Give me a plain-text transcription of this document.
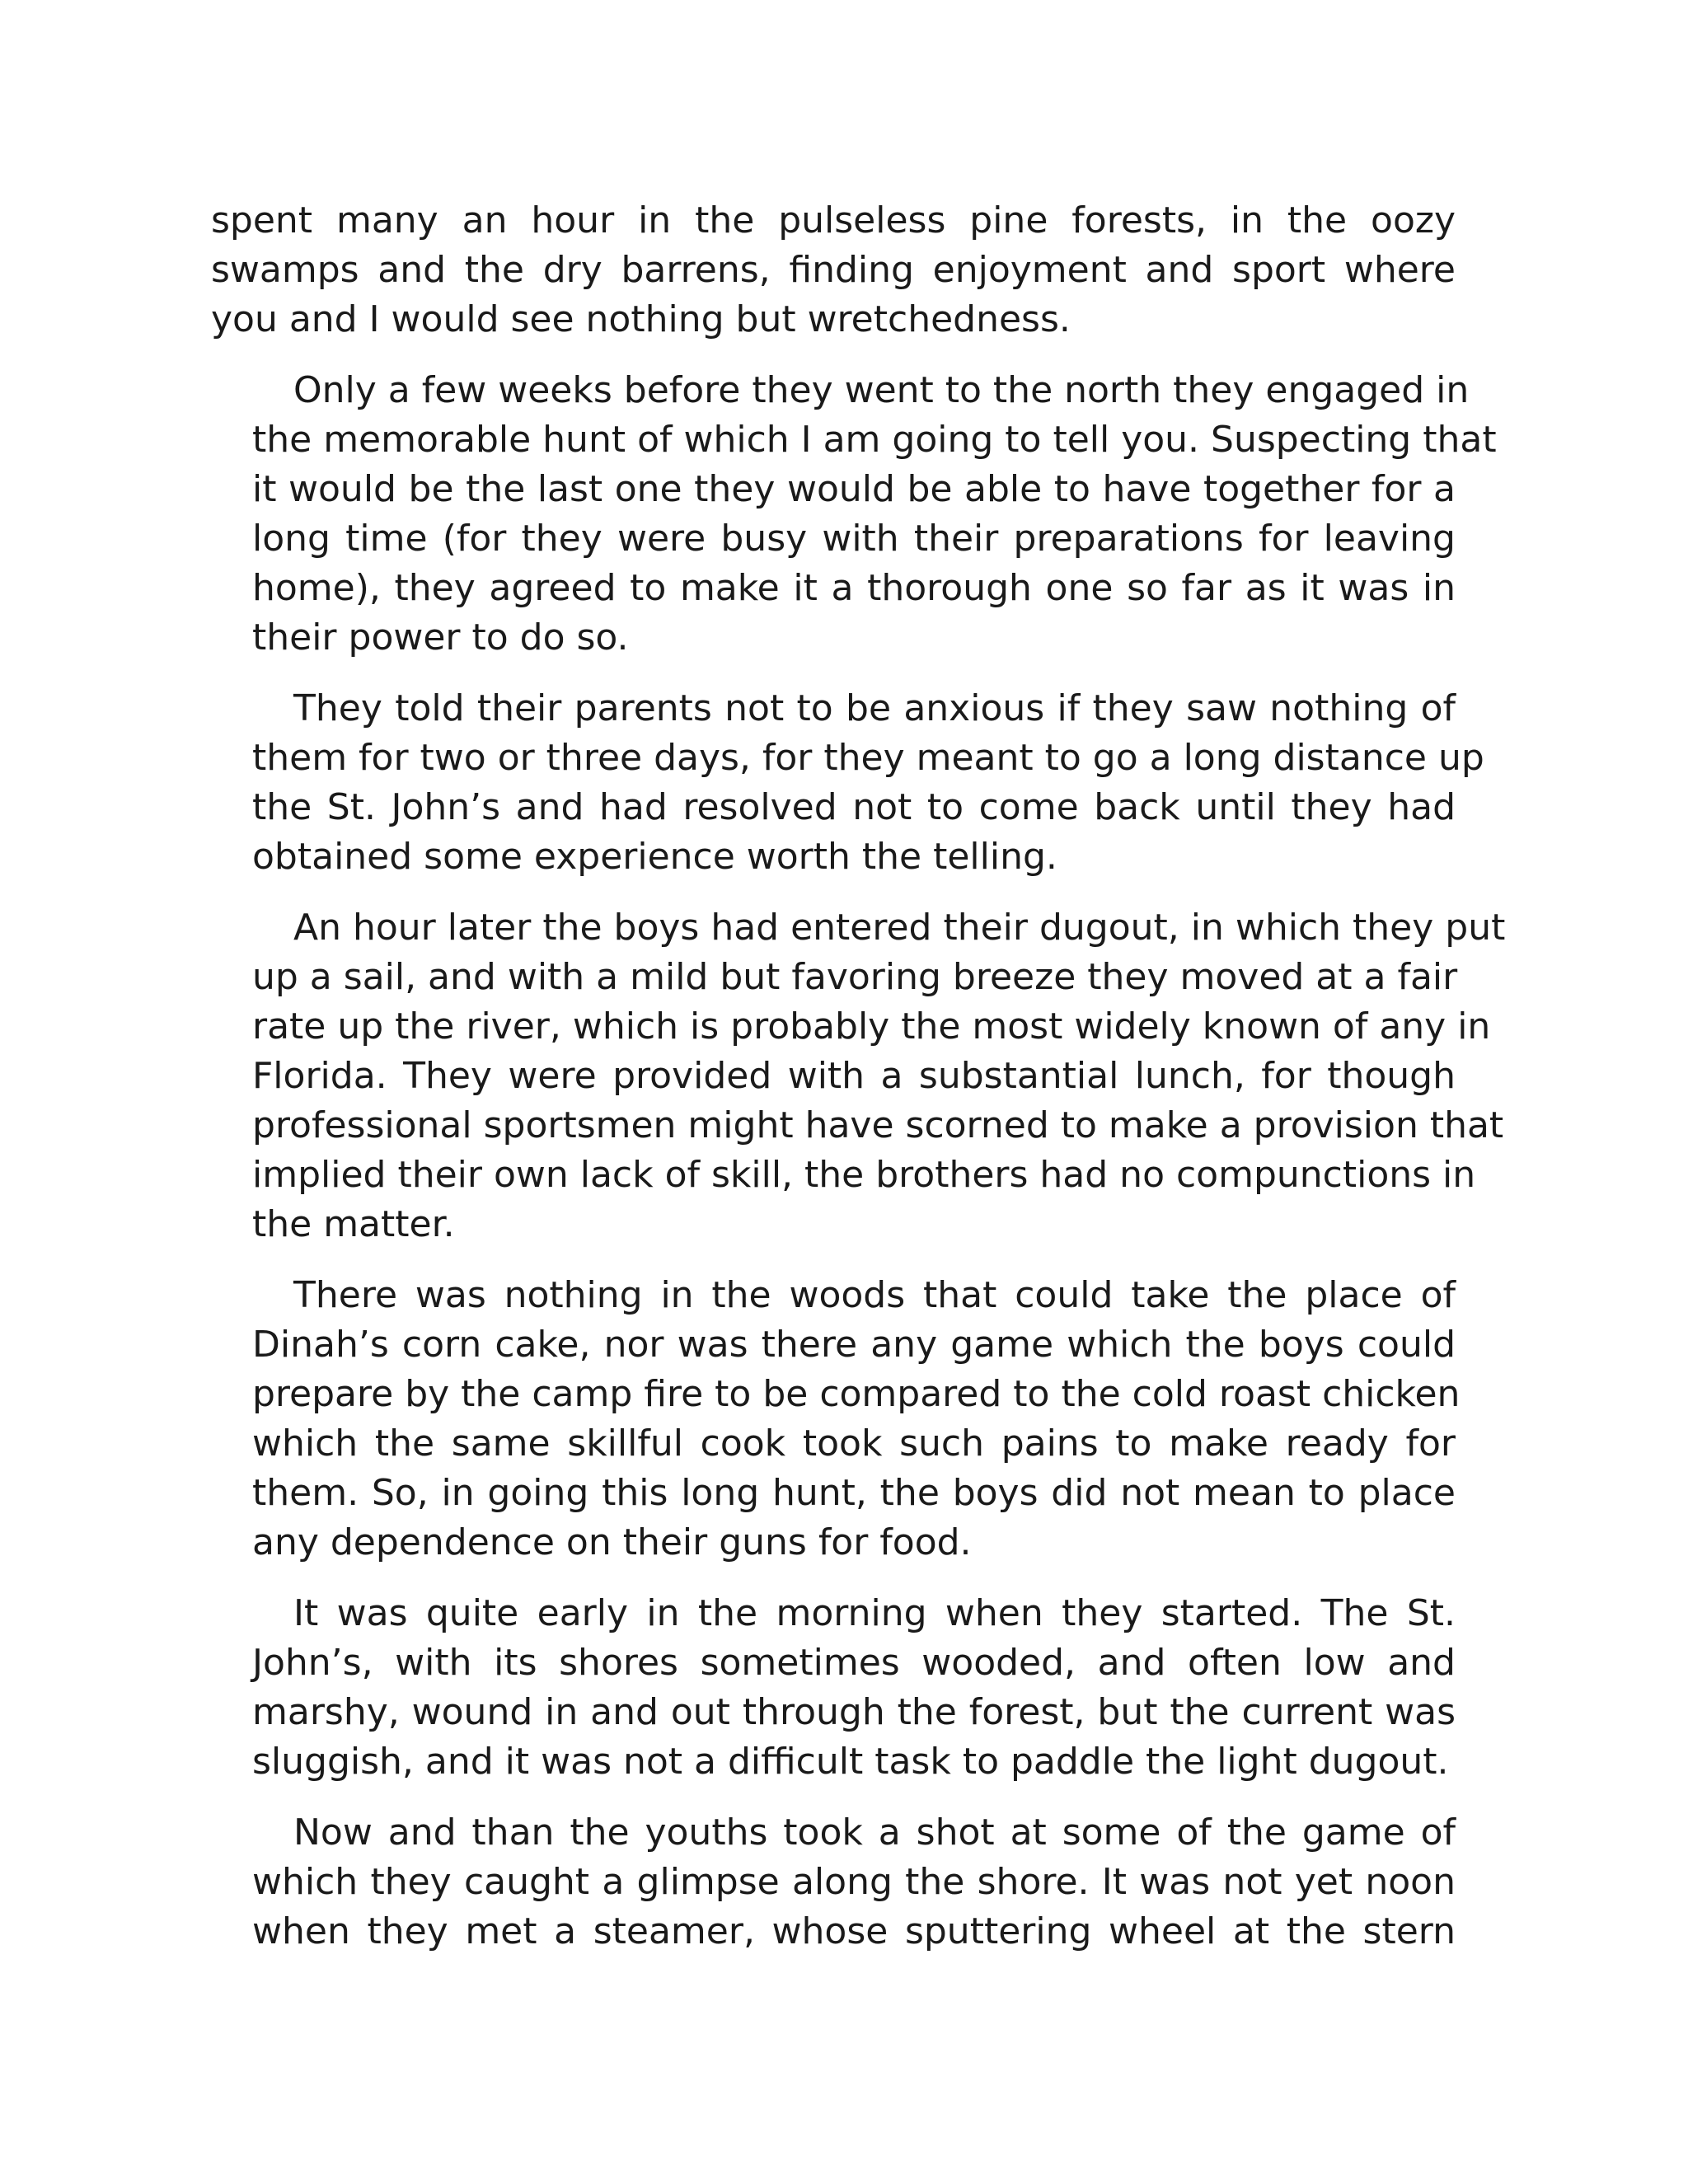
spent many an hour in the pulseless pine forests, in the oozy
swamps and the dry barrens, finding enjoyment and sport where
you and I would see nothing but wretchedness.
Only a few weeks before they went to the north they engaged in
the memorable hunt of which I am going to tell you. Suspecting that
it would be the last one they would be able to have together for a
long time (for they were busy with their preparations for leaving
home), they agreed to make it a thorough one so far as it was in
their power to do so.
They told their parents not to be anxious if they saw nothing of
them for two or three days, for they meant to go a long distance up
the St. John’s and had resolved not to come back until they had
obtained some experience worth the telling.
An hour later the boys had entered their dugout, in which they put
up a sail, and with a mild but favoring breeze they moved at a fair
rate up the river, which is probably the most widely known of any in
Florida. They were provided with a substantial lunch, for though
professional sportsmen might have scorned to make a provision that
implied their own lack of skill, the brothers had no compunctions in
the matter.
There was nothing in the woods that could take the place of
Dinah’s corn cake, nor was there any game which the boys could
prepare by the camp fire to be compared to the cold roast chicken
which the same skillful cook took such pains to make ready for
them. So, in going this long hunt, the boys did not mean to place
any dependence on their guns for food.
It was quite early in the morning when they started. The St.
John’s, with its shores sometimes wooded, and often low and
marshy, wound in and out through the forest, but the current was
sluggish, and it was not a difficult task to paddle the light dugout.
Now and than the youths took a shot at some of the game of
which they caught a glimpse along the shore. It was not yet noon
when they met a steamer, whose sputtering wheel at the stern
